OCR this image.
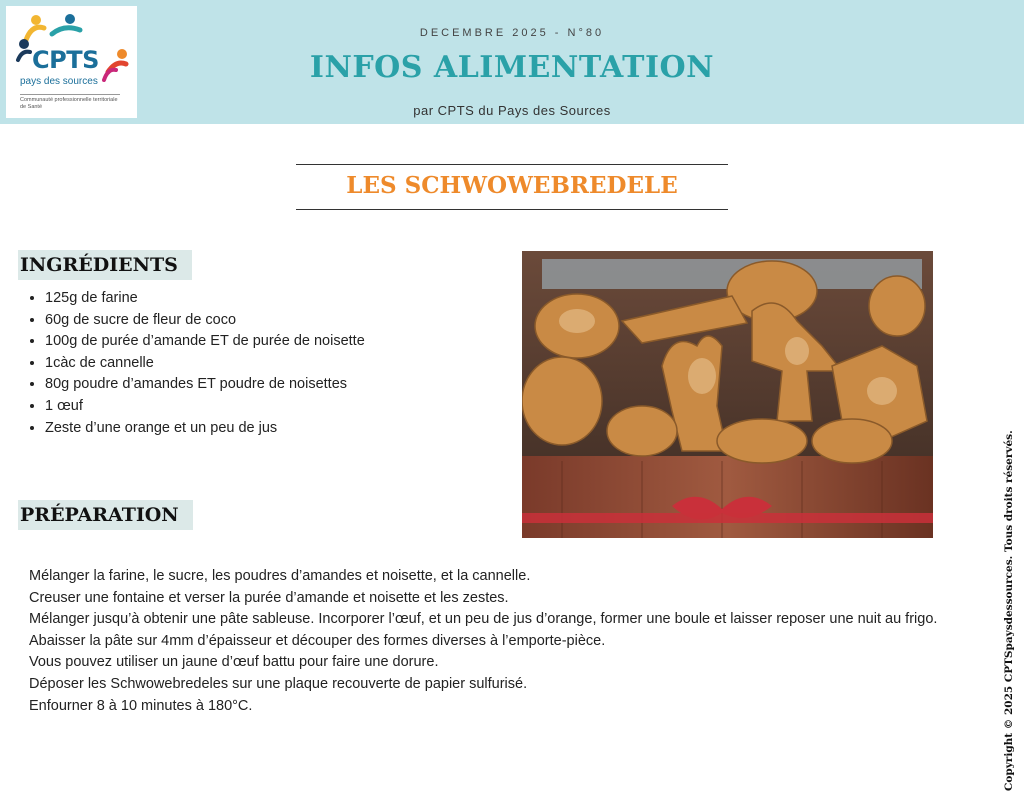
CPTS
pays des sources
Communauté professionnelle territoriale de Santé
DECEMBRE 2025 - N°80
INFOS ALIMENTATION
par CPTS du Pays des Sources
LES SCHWOWEBREDELE
INGRÉDIENTS
• 125g de farine
• 60g de sucre de fleur de coco
• 100g de purée d’amande ET de purée de noisette
• 1càc de cannelle
• 80g poudre d’amandes ET poudre de noisettes
• 1 œuf
• Zeste d’une orange et un peu de jus
PRÉPARATION

Mélanger la farine, le sucre, les poudres d’amandes et noisette, et la cannelle.

Creuser une fontaine et verser la purée d’amande et noisette et les zestes.

Mélanger jusqu’à obtenir une pâte sableuse. Incorporer l’œuf, et un peu de jus d’orange, former une boule et laisser reposer une nuit au frigo.

Abaisser la pâte sur 4mm d’épaisseur et découper des formes diverses à l’emporte-pièce.

Vous pouvez utiliser un jaune d’œuf battu pour faire une dorure.

Déposer les Schwowebredeles sur une plaque recouverte de papier sulfurisé.

Enfourner 8 à 10 minutes à 180°C.	Copyright © 2025 CPTSpaysdessources. Tous droits réservés.
